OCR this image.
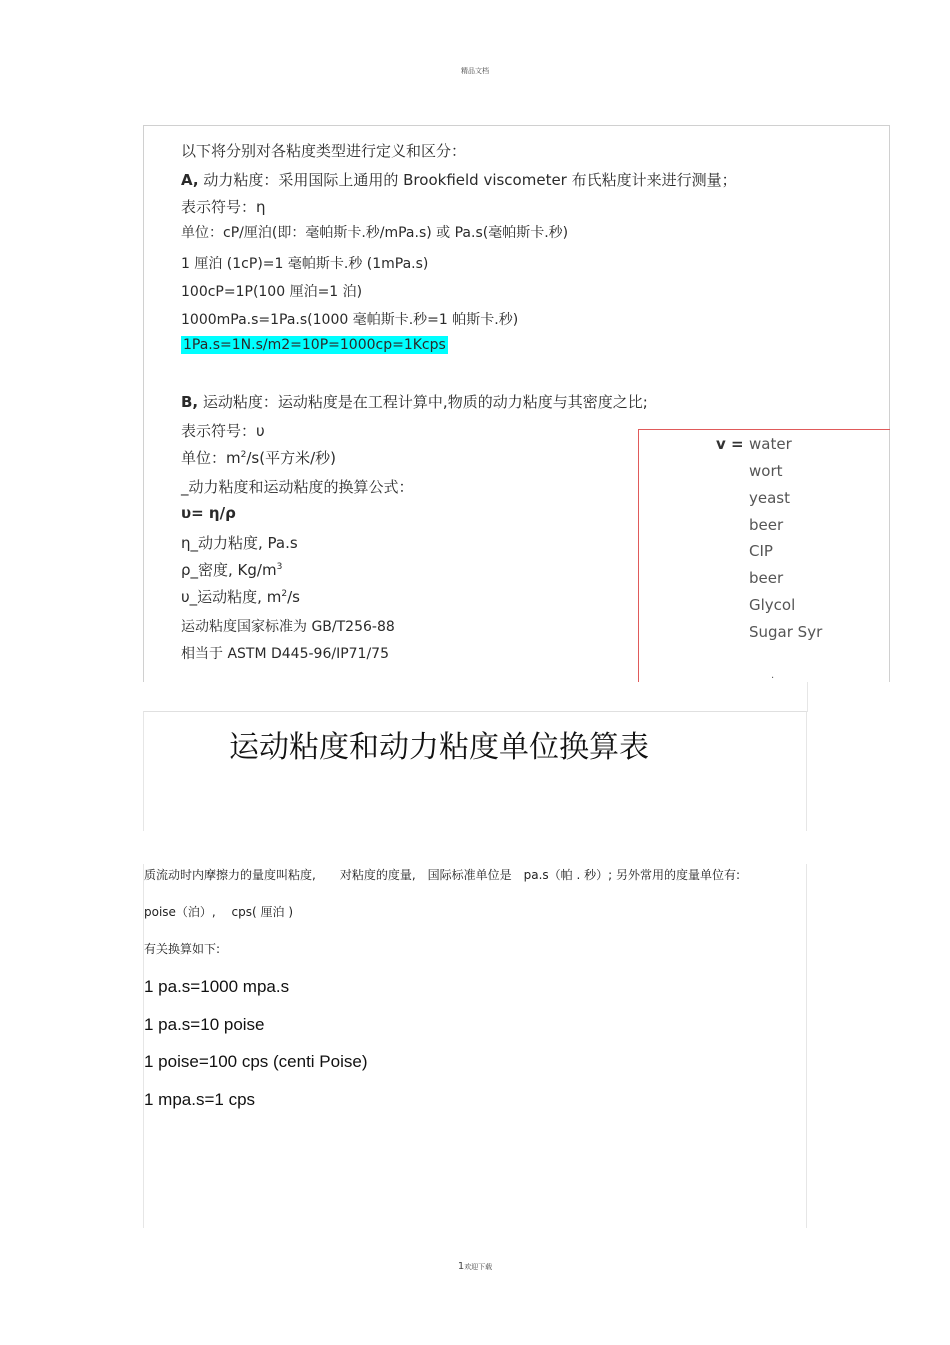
精品文档
以下将分别对各粘度类型进行定义和区分：
A, 动力粘度：采用国际上通用的 Brookfield viscometer 布氏粘度计来进行测量；
表示符号：η
单位：cP/厘泊(即：毫帕斯卡.秒/mPa.s) 或 Pa.s(毫帕斯卡.秒)
1 厘泊 (1cP)=1 毫帕斯卡.秒 (1mPa.s)
100cP=1P(100 厘泊=1 泊)
1000mPa.s=1Pa.s(1000 毫帕斯卡.秒=1 帕斯卡.秒)
1Pa.s=1N.s/m2=10P=1000cp=1Kcps
B, 运动粘度：运动粘度是在工程计算中,物质的动力粘度与其密度之比;
表示符号：υ
单位：$m^2/s$(平方米/秒)
_动力粘度和运动粘度的换算公式：
υ= η/ρ
η_动力粘度, Pa.s
ρ_密度, $Kg/m^3$
υ_运动粘度, $m^2/s$
运动粘度国家标准为 GB/T256-88
相当于 ASTM D445-96/IP71/75
v = water
wort
yeast
beer
CIP
beer
Glycol
Sugar Syr
.
运动粘度和动力粘度单位换算表
质流动时内摩擦力的量度叫粘度,　　对粘度的度量,　国际标准单位是　pa.s（帕 . 秒）; 另外常用的度量单位有:
poise（泊）,　 cps( 厘泊 )
有关换算如下:
1 pa.s=1000 mpa.s
1 pa.s=10 poise
1 poise=100 cps (centi Poise)
1 mpa.s=1 cps
1欢迎下载
